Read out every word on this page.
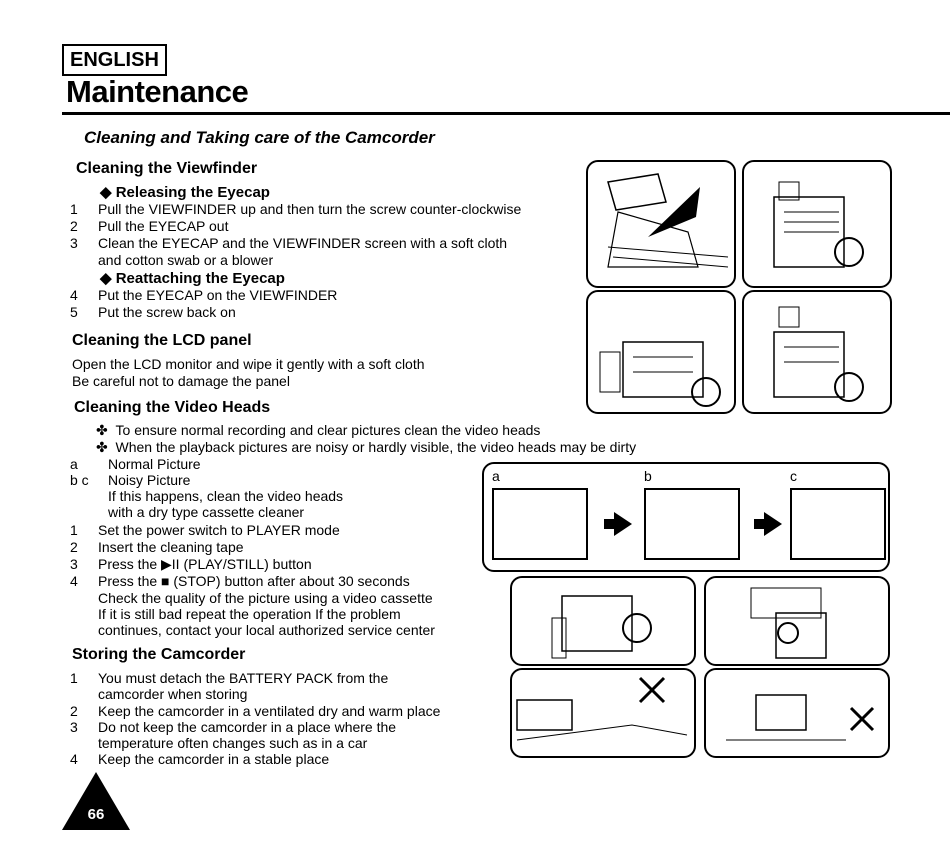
ENGLISH
Maintenance
Cleaning and Taking care of the Camcorder
Cleaning the Viewfinder
◆ Releasing the Eyecap
1 Pull the VIEWFINDER up and then turn the screw counter-clockwise
2 Pull the EYECAP out
3 Clean the EYECAP and the VIEWFINDER screen with a soft cloth
and cotton swab or a blower
◆ Reattaching the Eyecap
4 Put the EYECAP on the VIEWFINDER
5 Put the screw back on
Cleaning the LCD panel
Open the LCD monitor and wipe it gently with a soft cloth
Be careful not to damage the panel
Cleaning the Video Heads
✤ To ensure normal recording and clear pictures clean the video heads
✤ When the playback pictures are noisy or hardly visible, the video heads may be dirty
a Normal Picture
b c Noisy Picture
If this happens, clean the video heads
with a dry type cassette cleaner
1 Set the power switch to PLAYER mode
2 Insert the cleaning tape
3 Press the ▶II (PLAY/STILL) button
4 Press the ■ (STOP) button after about 30 seconds
Check the quality of the picture using a video cassette
If it is still bad repeat the operation If the problem
continues, contact your local authorized service center
Storing the Camcorder
1 You must detach the BATTERY PACK from the
camcorder when storing
2 Keep the camcorder in a ventilated dry and warm place
3 Do not keep the camcorder in a place where the
temperature often changes such as in a car
4 Keep the camcorder in a stable place
a	b	c
66
